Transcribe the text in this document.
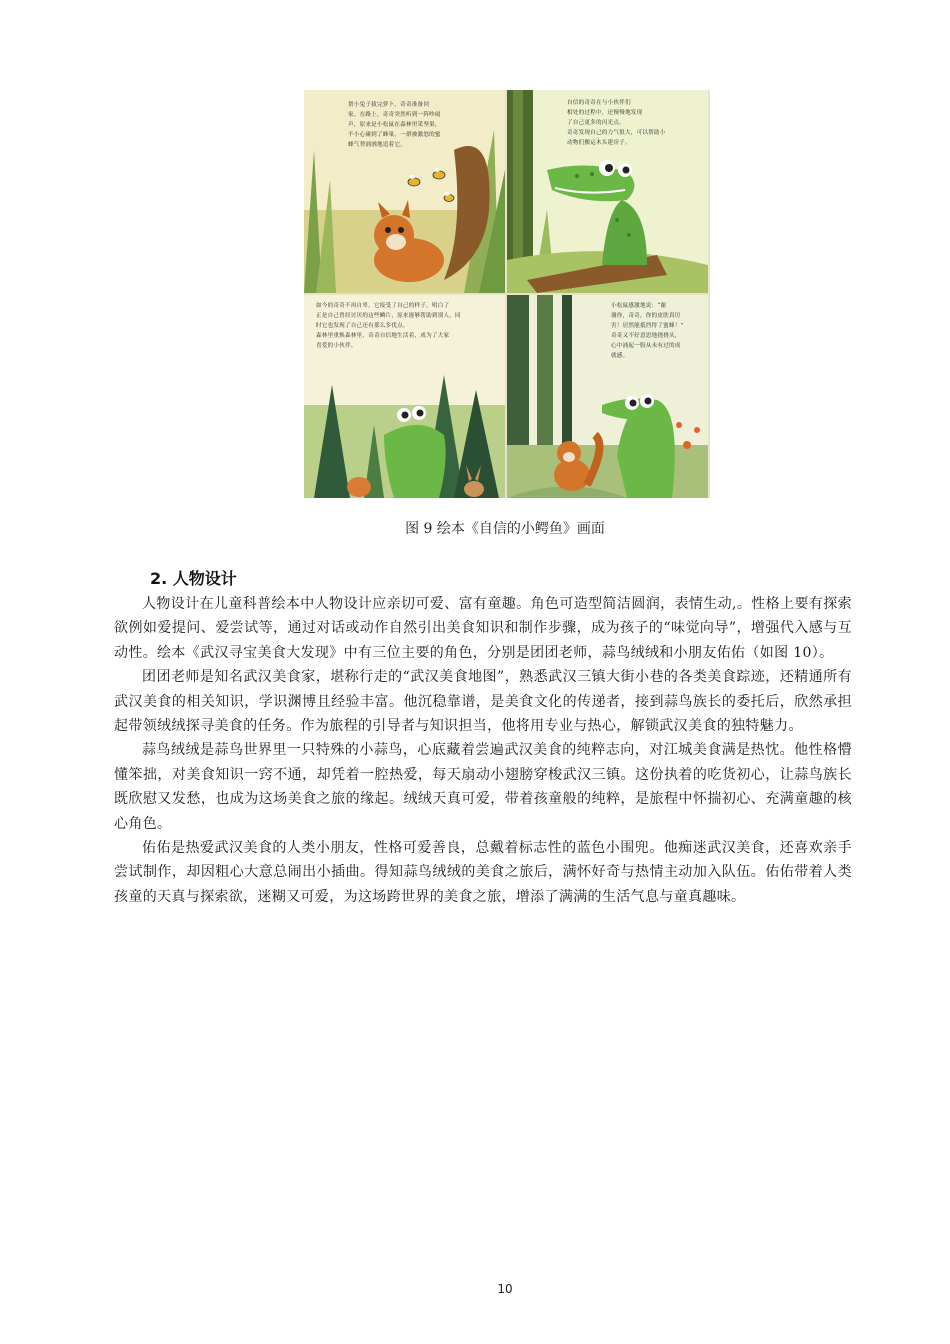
帮小兔子拔完萝卜，奇奇准备回
家。在路上，奇奇突然听到一阵吵闹
声，原来是小松鼠在森林里采坚果，
不小心碰到了蜂巢，一群被激怒的蜜
蜂气势汹汹地追着它。
自信的奇奇在与小伙伴们
相处的过程中，还慢慢地发现
了自己更多的闪光点。
奇奇发现自己的力气很大，可以帮助小
动物们搬运木头建房子。
如今的奇奇不再自卑，它接受了自己的样子，明白了
正是自己曾经讨厌的这些鳞片，原来能够帮助到别人，同
时它也发现了自己还有那么多优点。
森林里重焕森林里，奇奇自信地生活着，成为了大家
喜爱的小伙伴。
小松鼠感激地说：“谢
谢你，奇奇，你的皮肤真厉
害！居然能抵挡得了蜜蜂！”
奇奇又不好意思地挠挠头，
心中涌起一股从未有过的成
就感。
图 9 绘本《自信的小鳄鱼》画面
2. 人物设计

人物设计在儿童科普绘本中人物设计应亲切可爱、富有童趣。角色可造型简洁圆润，表情生动,。性格上要有探索欲例如爱提问、爱尝试等，通过对话或动作自然引出美食知识和制作步骤，成为孩子的“味觉向导”，增强代入感与互动性。绘本《武汉寻宝美食大发现》中有三位主要的角色，分别是团团老师，蒜鸟绒绒和小朋友佑佑（如图 10）。

团团老师是知名武汉美食家，堪称行走的“武汉美食地图”，熟悉武汉三镇大街小巷的各类美食踪迹，还精通所有武汉美食的相关知识，学识渊博且经验丰富。他沉稳靠谱，是美食文化的传递者，接到蒜鸟族长的委托后，欣然承担起带领绒绒探寻美食的任务。作为旅程的引导者与知识担当，他将用专业与热心，解锁武汉美食的独特魅力。

蒜鸟绒绒是蒜鸟世界里一只特殊的小蒜鸟，心底藏着尝遍武汉美食的纯粹志向，对江城美食满是热忱。他性格懵懂笨拙，对美食知识一窍不通，却凭着一腔热爱，每天扇动小翅膀穿梭武汉三镇。这份执着的吃货初心，让蒜鸟族长既欣慰又发愁，也成为这场美食之旅的缘起。绒绒天真可爱，带着孩童般的纯粹，是旅程中怀揣初心、充满童趣的核心角色。

佑佑是热爱武汉美食的人类小朋友，性格可爱善良，总戴着标志性的蓝色小围兜。他痴迷武汉美食，还喜欢亲手尝试制作，却因粗心大意总闹出小插曲。得知蒜鸟绒绒的美食之旅后，满怀好奇与热情主动加入队伍。佑佑带着人类孩童的天真与探索欲，迷糊又可爱，为这场跨世界的美食之旅，增添了满满的生活气息与童真趣味。

10
